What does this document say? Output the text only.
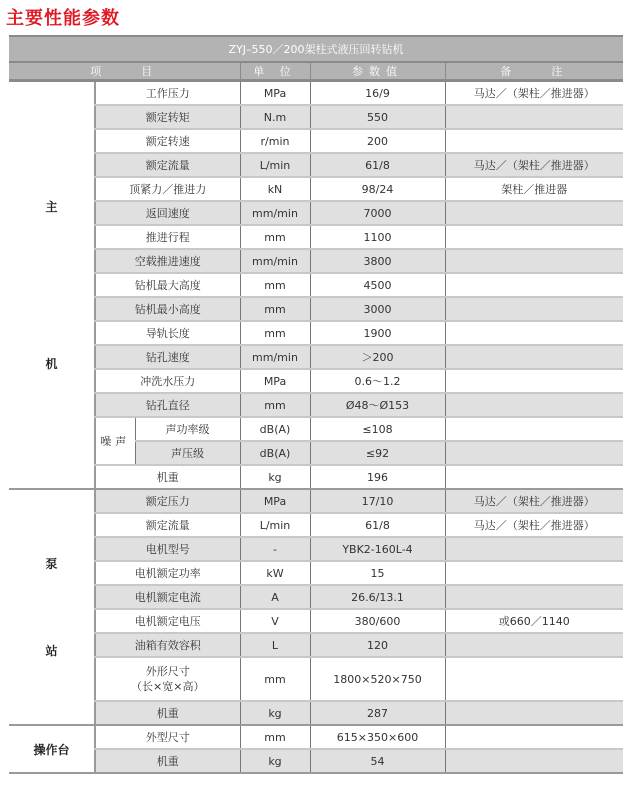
主要性能参数
ZYJ–550／200架柱式液压回转钻机					
项　　目			单 位	参数值	备　　注

主
机	工作压力		MPa	16/9	马达／（架柱／推进器）
	额定转矩		N.m	550	
	额定转速		r/min	200	
	额定流量		L/min	61/8	马达／（架柱／推进器）
	顶紧力／推进力		kN	98/24	架柱／推进器
	返回速度		mm/min	7000	
	推进行程		mm	1100	
	空载推进速度		mm/min	3800	
	钻机最大高度		mm	4500	
	钻机最小高度		mm	3000	
	导轨长度		mm	1900	
	钻孔速度		mm/min	＞200	
	冲洗水压力		MPa	0.6～1.2	
	钻孔直径		mm	Ø48～Ø153	
	噪声	声功率级	dB(A)	≤108	
		声压级	dB(A)	≤92	
	机重		kg	196	

泵
站	额定压力		MPa	17/10	马达／（架柱／推进器）
	额定流量		L/min	61/8	马达／（架柱／推进器）
	电机型号		-	YBK2-160L-4	
	电机额定功率		kW	15	
	电机额定电流		A	26.6/13.1	
	电机额定电压		V	380/600	或660／1140
	油箱有效容积		L	120	

	外形尺寸
（长×宽×高）		mm	1800×520×750	
	机重		kg	287	
操作台	外型尺寸		mm	615×350×600	
	机重		kg	54	
